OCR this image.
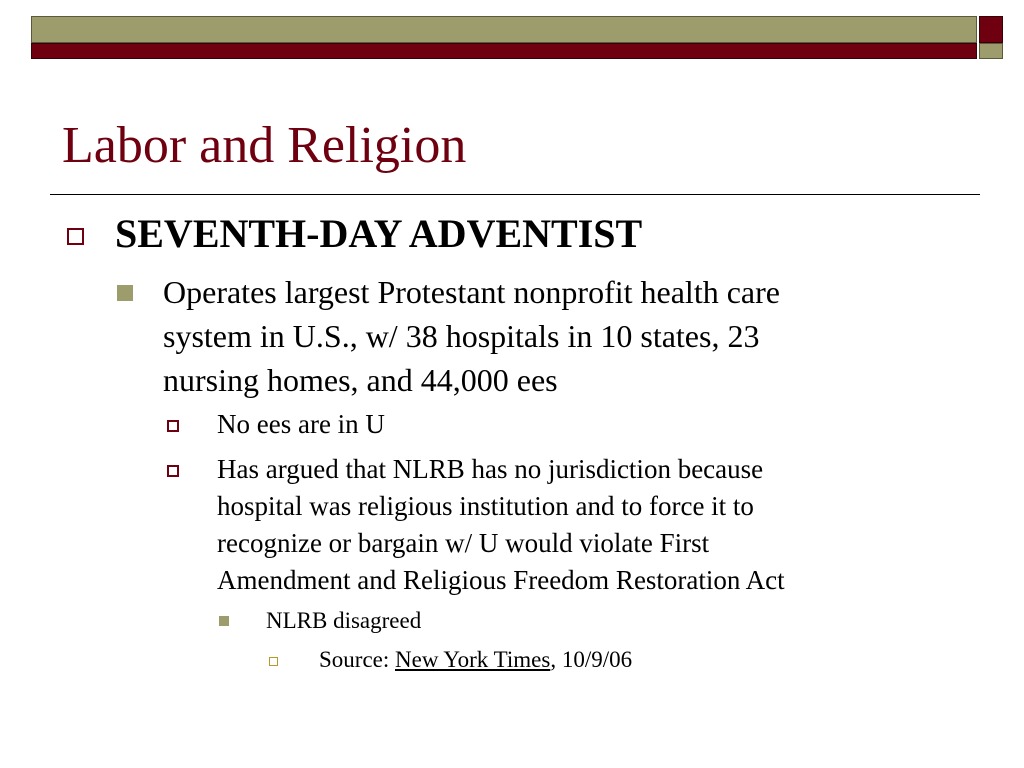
Labor and Religion
SEVENTH-DAY ADVENTIST
Operates largest Protestant nonprofit health care
system in U.S., w/ 38 hospitals in 10 states, 23
nursing homes, and 44,000 ees
No ees are in U
Has argued that NLRB has no jurisdiction because
hospital was religious institution and to force it to
recognize or bargain w/ U would violate First
Amendment and Religious Freedom Restoration Act
NLRB disagreed
Source: New York Times, 10/9/06
